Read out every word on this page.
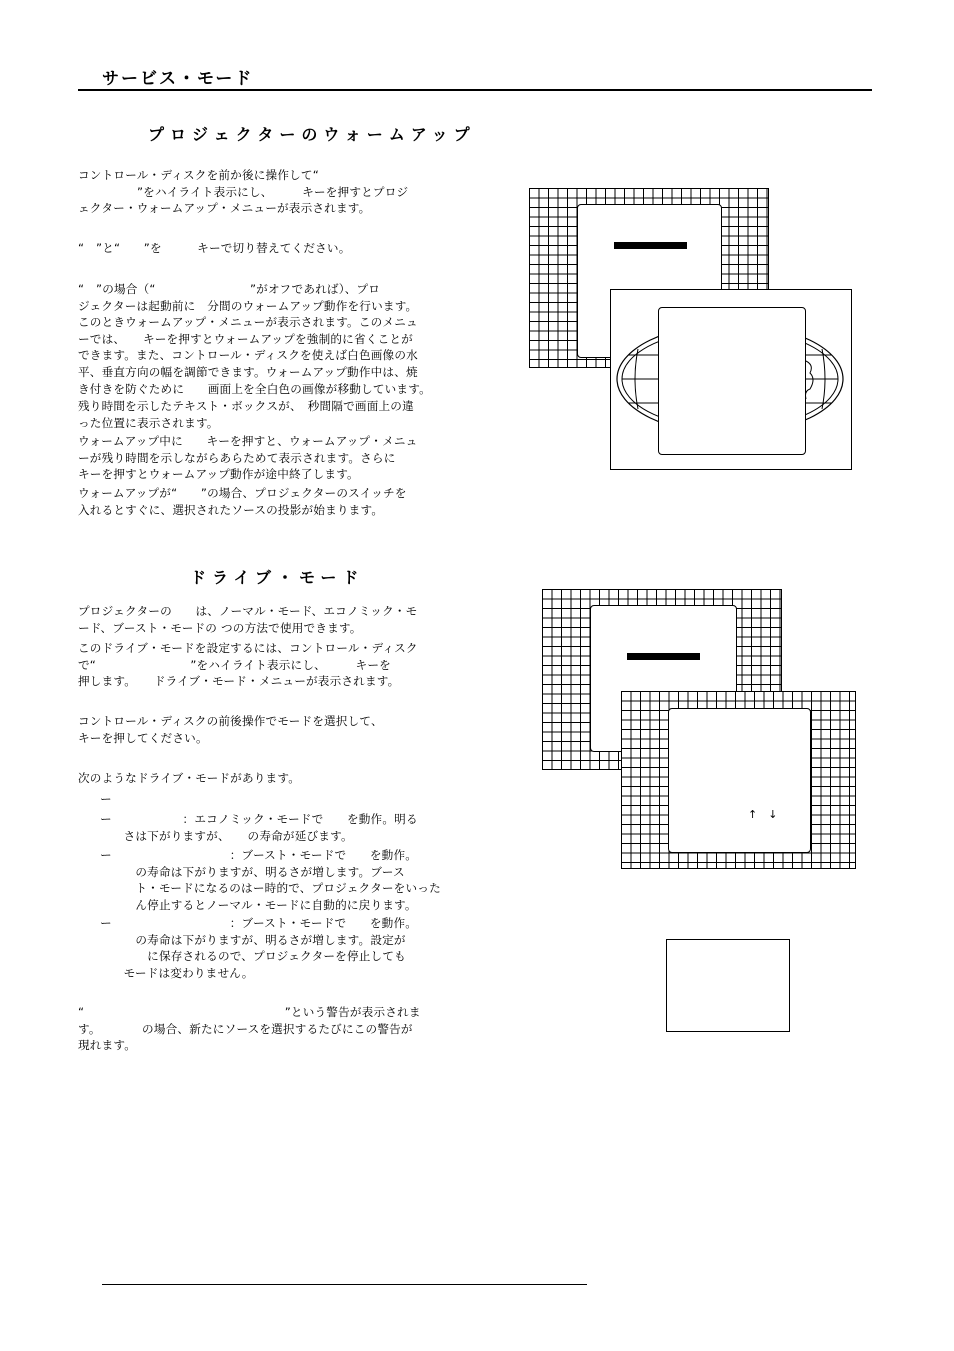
サービス・モード
プロジェクターのウォームアップ
コントロール・ディスクを前か後に操作して“
　　　　　”をハイライト表示にし、　　　キーを押すとプロジ
ェクター・ウォームアップ・メニューが表示されます。
“　”と“　　”を　　　キーで切り替えてください。
“　”の場合（“　　　　　　　　”がオフであれば）、プロ
ジェクターは起動前に　分間のウォームアップ動作を行います。
このときウォームアップ・メニューが表示されます。このメニュ
ーでは、　　キーを押すとウォームアップを強制的に省くことが
できます。また、コントロール・ディスクを使えば白色画像の水
平、垂直方向の幅を調節できます。ウォームアップ動作中は、焼
き付きを防ぐために　　画面上を全白色の画像が移動しています。
残り時間を示したテキスト・ボックスが、　秒間隔で画面上の違
った位置に表示されます。
ウォームアップ中に　　キーを押すと、ウォームアップ・メニュ
ーが残り時間を示しながらあらためて表示されます。さらに
キーを押すとウォームアップ動作が途中終了します。
ウォームアップが“　　”の場合、プロジェクターのスイッチを
入れるとすぐに、選択されたソースの投影が始まります。
ドライブ・モード
プロジェクターの　　は、ノーマル・モード、エコノミック・モ
ード、ブースト・モードの つの方法で使用できます。
このドライブ・モードを設定するには、コントロール・ディスク
で“　　　　　　　　”をハイライト表示にし、　　　キーを
押します。　　ドライブ・モード・メニューが表示されます。
コントロール・ディスクの前後操作でモードを選択して、
キーを押してください。
次のようなドライブ・モードがあります。
ー
ー　　　　　　：エコノミック・モードで　　を動作。明る
　　さは下がりますが、　　の寿命が延びます。
ー　　　　　　　　　　：ブースト・モードで　　を動作。
　　　の寿命は下がりますが、明るさが増します。ブース
　　　ト・モードになるのはー時的で、プロジェクターをいった
　　　ん停止するとノーマル・モードに自動的に戻ります。
ー　　　　　　　　　　：ブースト・モードで　　を動作。
　　　の寿命は下がりますが、明るさが増します。設定が
　　　　に保存されるので、プロジェクターを停止しても
　　モードは変わりません。
“　　　　　　　　　　　　　　　　　”という警告が表示されま
す。　　　　の場合、新たにソースを選択するたびにこの警告が
現れます。
↑　↓
